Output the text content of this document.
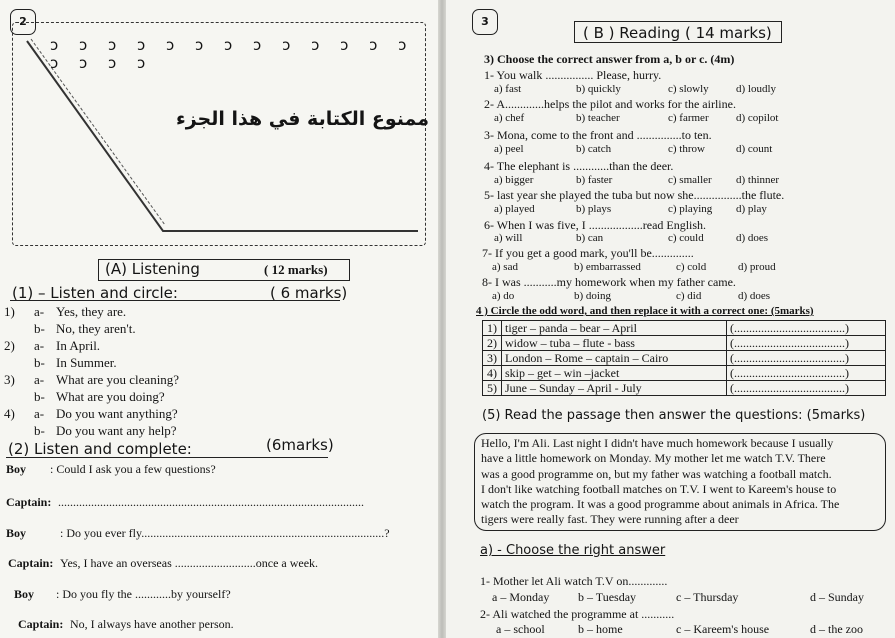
2
ↄ ↄ ↄ ↄ ↄ ↄ ↄ ↄ ↄ ↄ ↄ ↄ ↄ ↄ ↄ ↄ ↄ
ممنوع الكتابة في هذا الجزء
(A) Listening	( 12 marks)
(1) – Listen and circle:	( 6 marks)
1) a- Yes, they are.
b- No, they aren't.
2) a- In April.
b- In Summer.
3) a- What are you cleaning?
b- What are you doing?
4) a- Do you want anything?
b- Do you want any help?
(2) Listen and complete:	(6marks)
Boy : Could I ask you a few questions?
Captain: ......................................................................................................
Boy	: Do you ever fly.................................................................................?
Captain: Yes, I have an overseas ...........................once a week.
Boy : Do you fly the ............by yourself?
Captain: No, I always have another person.
3
( B ) Reading ( 14 marks)
3) Choose the correct answer from a, b or c. (4m)
1- You walk ................ Please, hurry.
a) fast	b) quickly	c) slowly d) loudly
2- A.............helps the pilot and works for the airline.
a) chef	b) teacher	c) farmer d) copilot
3- Mona, come to the front and ...............to ten.
a) peel	b) catch	c) throw	d) count
4- The elephant is ............than the deer.
a) bigger	b) faster	c) smaller d) thinner
5- last year she played the tuba but now she................the flute.
a) played	b) plays	c) playing d) play
6- When I was five, I ..................read English.
a) will	b) can	c) could	d) does
7- If you get a good mark, you'll be..............
a) sad	b) embarrassed	c) cold	d) proud
8- I was ...........my homework when my father came.
a) do	b) doing	c) did	d) does
4 ) Circle the odd word, and then replace it with a correct one: (5marks)
1)	tiger – panda – bear – April	(.....................................)
2)	widow – tuba – flute - bass	(.....................................)
3)	London – Rome – captain – Cairo	(.....................................)
4)	skip – get – win –jacket	(.....................................)
5)	June – Sunday – April - July	(.....................................)
(5) Read the passage then answer the questions: (5marks)

Hello, I'm Ali. Last night I didn't have much homework because I usually

have a little homework on Monday. My mother let me watch T.V. There

was a good programme on, but my father was watching a football match.

I don't like watching football matches on T.V. I went to Kareem's house to

watch the program. It was a good programme about animals in Africa. The

tigers were really fast. They were running after a deer

a) - Choose the right answer
1- Mother let Ali watch T.V on.............
a – Monday b – Tuesday	c – Thursday	d – Sunday
2- Ali watched the programme at ...........
a – school	b – home	c – Kareem's house	d – the zoo
